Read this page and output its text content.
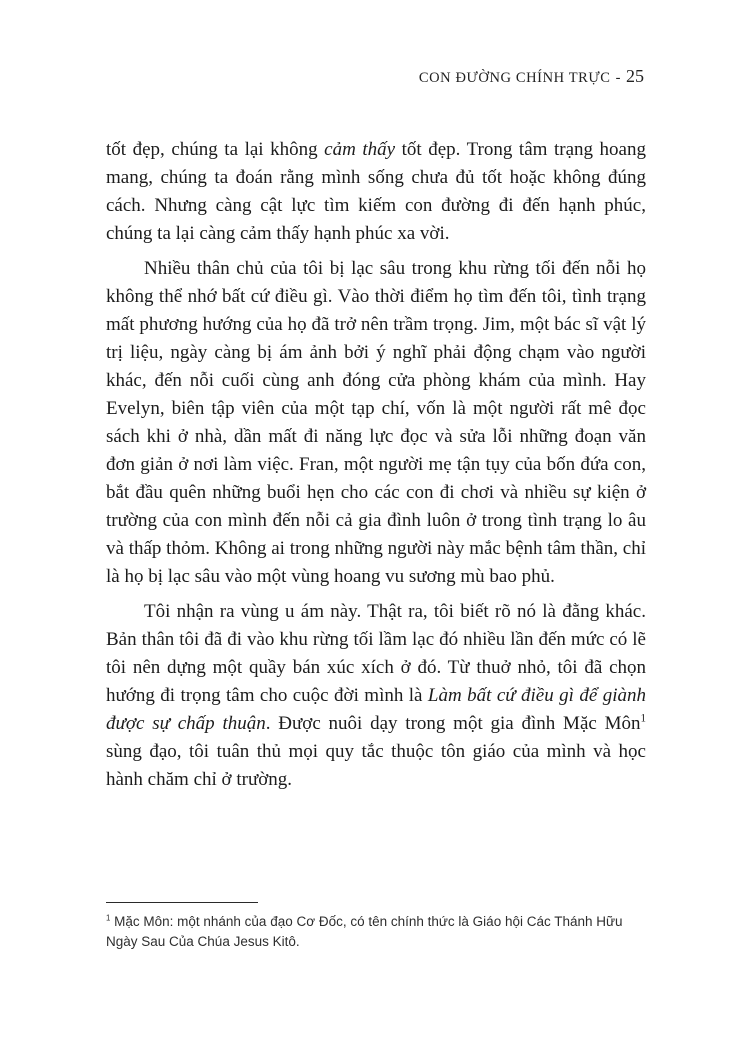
CON ĐƯỜNG CHÍNH TRỰC - 25

tốt đẹp, chúng ta lại không cảm thấy tốt đẹp. Trong tâm trạng hoang mang, chúng ta đoán rằng mình sống chưa đủ tốt hoặc không đúng cách. Nhưng càng cật lực tìm kiếm con đường đi đến hạnh phúc, chúng ta lại càng cảm thấy hạnh phúc xa vời.

Nhiều thân chủ của tôi bị lạc sâu trong khu rừng tối đến nỗi họ không thể nhớ bất cứ điều gì. Vào thời điểm họ tìm đến tôi, tình trạng mất phương hướng của họ đã trở nên trầm trọng. Jim, một bác sĩ vật lý trị liệu, ngày càng bị ám ảnh bởi ý nghĩ phải động chạm vào người khác, đến nỗi cuối cùng anh đóng cửa phòng khám của mình. Hay Evelyn, biên tập viên của một tạp chí, vốn là một người rất mê đọc sách khi ở nhà, dần mất đi năng lực đọc và sửa lỗi những đoạn văn đơn giản ở nơi làm việc. Fran, một người mẹ tận tụy của bốn đứa con, bắt đầu quên những buổi hẹn cho các con đi chơi và nhiều sự kiện ở trường của con mình đến nỗi cả gia đình luôn ở trong tình trạng lo âu và thấp thỏm. Không ai trong những người này mắc bệnh tâm thần, chỉ là họ bị lạc sâu vào một vùng hoang vu sương mù bao phủ.

Tôi nhận ra vùng u ám này. Thật ra, tôi biết rõ nó là đằng khác. Bản thân tôi đã đi vào khu rừng tối lầm lạc đó nhiều lần đến mức có lẽ tôi nên dựng một quầy bán xúc xích ở đó. Từ thuở nhỏ, tôi đã chọn hướng đi trọng tâm cho cuộc đời mình là Làm bất cứ điều gì để giành được sự chấp thuận. Được nuôi dạy trong một gia đình Mặc Môn$^1$ sùng đạo, tôi tuân thủ mọi quy tắc thuộc tôn giáo của mình và học hành chăm chỉ ở trường.

$^1$ Mặc Môn: một nhánh của đạo Cơ Đốc, có tên chính thức là Giáo hội Các Thánh Hữu Ngày Sau Của Chúa Jesus Kitô.
